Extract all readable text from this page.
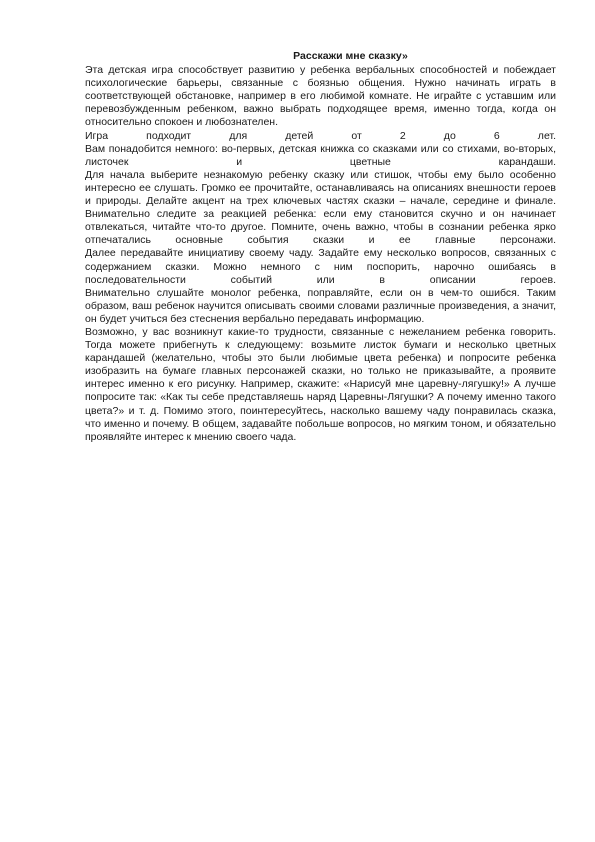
Расскажи мне сказку»

Эта детская игра способствует развитию у ребенка вербальных способностей и побеждает психологические барьеры, связанные с боязнью общения. Нужно начинать играть в соответствующей обстановке, например в его любимой комнате. Не играйте с уставшим или перевозбужденным ребенком, важно выбрать подходящее время, именно тогда, когда он относительно спокоен и любознателен.

Игра подходит для детей от 2 до 6 лет.

Вам понадобится немного: во-первых, детская книжка со сказками или со стихами, во-вторых, листочек и цветные карандаши.

Для начала выберите незнакомую ребенку сказку или стишок, чтобы ему было особенно интересно ее слушать. Громко ее прочитайте, останавливаясь на описаниях внешности героев и природы. Делайте акцент на трех ключевых частях сказки – начале, середине и финале. Внимательно следите за реакцией ребенка: если ему становится скучно и он начинает отвлекаться, читайте что-то другое. Помните, очень важно, чтобы в сознании ребенка ярко отпечатались основные события сказки и ее главные персонажи.

Далее передавайте инициативу своему чаду. Задайте ему несколько вопросов, связанных с содержанием сказки. Можно немного с ним поспорить, нарочно ошибаясь в последовательности событий или в описании героев.

Внимательно слушайте монолог ребенка, поправляйте, если он в чем-то ошибся. Таким образом, ваш ребенок научится описывать своими словами различные произведения, а значит, он будет учиться без стеснения вербально передавать информацию.

Возможно, у вас возникнут какие-то трудности, связанные с нежеланием ребенка говорить. Тогда можете прибегнуть к следующему: возьмите листок бумаги и несколько цветных карандашей (желательно, чтобы это были любимые цвета ребенка) и попросите ребенка изобразить на бумаге главных персонажей сказки, но только не приказывайте, а проявите интерес именно к его рисунку. Например, скажите: «Нарисуй мне царевну-лягушку!» А лучше попросите так: «Как ты себе представляешь наряд Царевны-Лягушки? А почему именно такого цвета?» и т. д. Помимо этого, поинтересуйтесь, насколько вашему чаду понравилась сказка, что именно и почему. В общем, задавайте побольше вопросов, но мягким тоном, и обязательно проявляйте интерес к мнению своего чада.
